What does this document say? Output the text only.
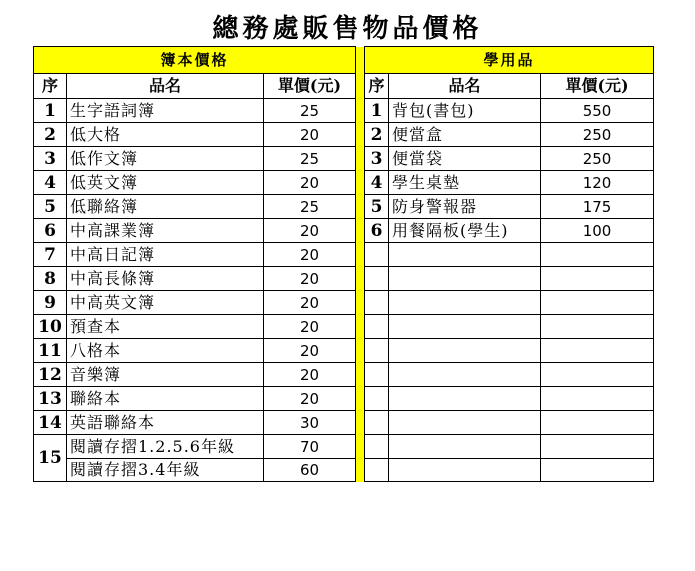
總務處販售物品價格
簿本價格				學用品		
序	品名	單價(元)		序	品名	單價(元)
1	生字語詞簿	25		1	背包(書包)	550
2	低大格	20		2	便當盒	250
3	低作文簿	25		3	便當袋	250
4	低英文簿	20		4	學生桌墊	120
5	低聯絡簿	25		5	防身警報器	175
6	中高課業簿	20		6	用餐隔板(學生)	100
7	中高日記簿	20				
8	中高長條簿	20				
9	中高英文簿	20				
10	預查本	20				
11	八格本	20				
12	音樂簿	20				
13	聯絡本	20				
14	英語聯絡本	30				
15	閱讀存摺1.2.5.6年級	70				
	閱讀存摺3.4年級	60				
